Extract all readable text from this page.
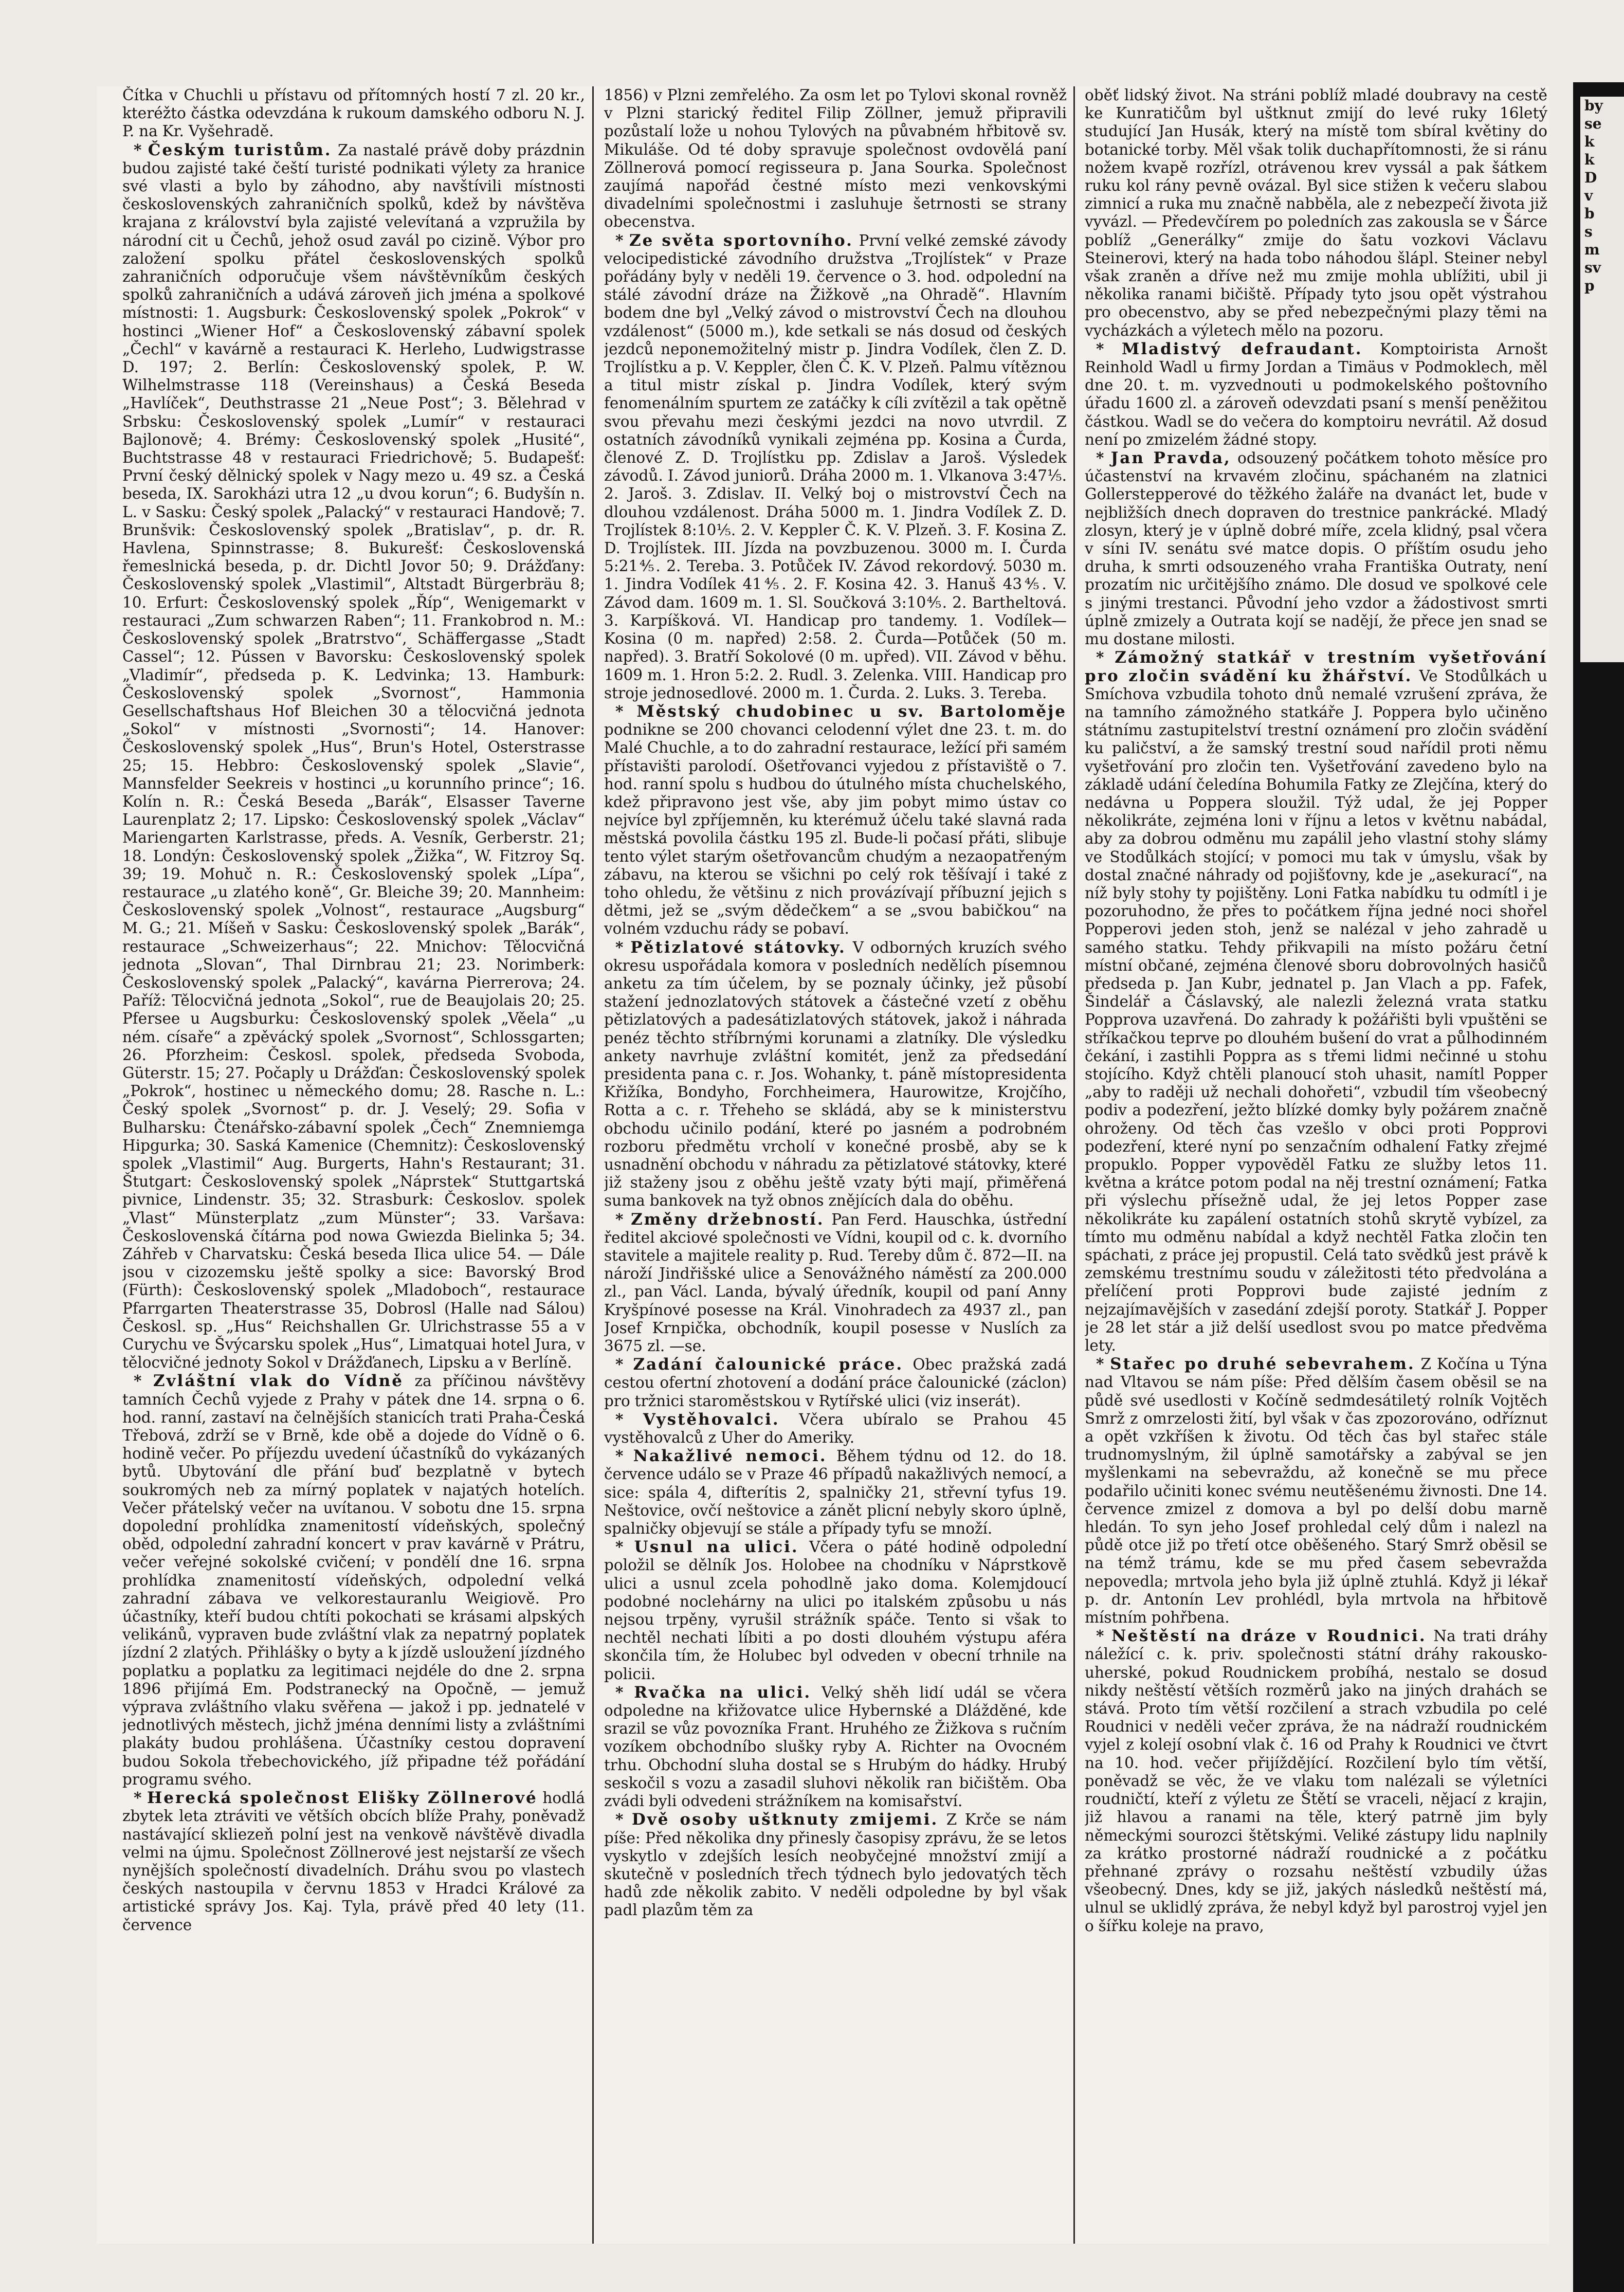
by
se
k
k
D
v
b
s
m
sv
p

Čítka v Chuchli u přístavu od přítomných hostí 7 zl. 20 kr., kteréžto částka odevzdána k rukoum damského odboru N. J. P. na Kr. Vyšehradě.

* Českým turistům. Za nastalé právě doby prázdnin budou zajisté také čeští turisté podnikati výlety za hranice své vlasti a bylo by záhodno, aby navštívili místnosti československých zahraničních spolků, kdež by návštěva krajana z království byla zajisté velevítaná a vzpružila by národní cit u Čechů, jehož osud zavál po cizině. Výbor pro založení spolku přátel československých spolků zahraničních odporučuje všem návštěvníkům českých spolků zahraničních a udává zároveň jich jména a spolkové místnosti: 1. Augsburk: Československý spolek „Pokrok“ v hostinci „Wiener Hof“ a Československý zábavní spolek „Čechl“ v kavárně a restauraci K. Herleho, Ludwigstrasse D. 197; 2. Berlín: Československý spolek, P. W. Wilhelmstrasse 118 (Vereinshaus) a Česká Beseda „Havlíček“, Deuthstrasse 21 „Neue Post“; 3. Bělehrad v Srbsku: Československý spolek „Lumír“ v restauraci Bajlonově; 4. Brémy: Československý spolek „Husité“, Buchtstrasse 48 v restauraci Friedrichově; 5. Budapešť: První český dělnický spolek v Nagy mezo u. 49 sz. a Česká beseda, IX. Sarokházi utra 12 „u dvou korun“; 6. Budyšín n. L. v Sasku: Český spolek „Palacký“ v restauraci Handově; 7. Brunšvik: Československý spolek „Bratislav“, p. dr. R. Havlena, Spinnstrasse; 8. Bukurešť: Československá řemeslnická beseda, p. dr. Dichtl Jovor 50; 9. Drážďany: Československý spolek „Vlastimil“, Altstadt Bürgerbräu 8; 10. Erfurt: Československý spolek „Říp“, Wenigemarkt v restauraci „Zum schwarzen Raben“; 11. Frankobrod n. M.: Československý spolek „Bratrstvo“, Schäffergasse „Stadt Cassel“; 12. Pússen v Bavorsku: Československý spolek „Vladimír“, předseda p. K. Ledvinka; 13. Hamburk: Československý spolek „Svornost“, Hammonia Gesellschaftshaus Hof Bleichen 30 a tělocvičná jednota „Sokol“ v místnosti „Svornosti“; 14. Hanover: Československý spolek „Hus“, Brun's Hotel, Osterstrasse 25; 15. Hebbro: Československý spolek „Slavie“, Mannsfelder Seekreis v hostinci „u korunního prince“; 16. Kolín n. R.: Česká Beseda „Barák“, Elsasser Taverne Laurenplatz 2; 17. Lipsko: Československý spolek „Václav“ Mariengarten Karlstrasse, předs. A. Vesník, Gerberstr. 21; 18. Londýn: Československý spolek „Žižka“, W. Fitzroy Sq. 39; 19. Mohuč n. R.: Československý spolek „Lípa“, restaurace „u zlatého koně“, Gr. Bleiche 39; 20. Mannheim: Československý spolek „Volnost“, restaurace „Augsburg“ M. G.; 21. Míšeň v Sasku: Československý spolek „Barák“, restaurace „Schweizerhaus“; 22. Mnichov: Tělocvičná jednota „Slovan“, Thal Dirnbrau 21; 23. Norimberk: Československý spolek „Palacký“, kavárna Pierrerova; 24. Paříž: Tělocvičná jednota „Sokol“, rue de Beaujolais 20; 25. Pfersee u Augsburku: Československý spolek „Věela“ „u ném. císaře“ a zpěvácký spolek „Svornost“, Schlossgarten; 26. Pforzheim: Českosl. spolek, předseda Svoboda, Güterstr. 15; 27. Počaply u Drážďan: Československý spolek „Pokrok“, hostinec u německého domu; 28. Rasche n. L.: Český spolek „Svornost“ p. dr. J. Veselý; 29. Sofia v Bulharsku: Čtenářsko-zábavní spolek „Čech“ Znemniemga Hipgurka; 30. Saská Kamenice (Chemnitz): Československý spolek „Vlastimil“ Aug. Burgerts, Hahn's Restaurant; 31. Štutgart: Československý spolek „Náprstek“ Stuttgartská pivnice, Lindenstr. 35; 32. Strasburk: Českoslov. spolek „Vlast“ Münsterplatz „zum Münster“; 33. Varšava: Československá čítárna pod nowa Gwiezda Bielinka 5; 34. Záhřeb v Charvatsku: Česká beseda Ilica ulice 54. — Dále jsou v cizozemsku ještě spolky a sice: Bavorský Brod (Fürth): Československý spolek „Mladoboch“, restaurace Pfarrgarten Theaterstrasse 35, Dobrosl (Halle nad Sálou) Českosl. sp. „Hus“ Reichshallen Gr. Ulrichstrasse 55 a v Curychu ve Švýcarsku spolek „Hus“, Limatquai hotel Jura, v tělocvičné jednoty Sokol v Drážďanech, Lipsku a v Berlíně.

* Zvláštní vlak do Vídně za příčinou návštěvy tamních Čechů vyjede z Prahy v pátek dne 14. srpna o 6. hod. ranní, zastaví na čelnějších stanicích trati Praha-Česká Třebová, zdrží se v Brně, kde obě a dojede do Vídně o 6. hodině večer. Po příjezdu uvedení účastníků do vykázaných bytů. Ubytování dle přání buď bezplatně v bytech soukromých neb za mírný poplatek v najatých hotelích. Večer přátelský večer na uvítanou. V sobotu dne 15. srpna dopolední prohlídka znamenitostí vídeňských, společný oběd, odpolední zahradní koncert v prav kavárně v Prátru, večer veřejné sokolské cvičení; v pondělí dne 16. srpna prohlídka znamenitostí vídeňských, odpolední velká zahradní zábava ve velkorestauranlu Weigiově. Pro účastníky, kteří budou chtíti pokochati se krásami alpských velikánů, vypraven bude zvláštní vlak za nepatrný poplatek jízdní 2 zlatých. Přihlášky o byty a k jízdě usloužení jízdného poplatku a poplatku za legitimaci nejdéle do dne 2. srpna 1896 přijímá Em. Podstranecký na Opočně, — jemuž výprava zvláštního vlaku svěřena — jakož i pp. jednatelé v jednotlivých městech, jichž jména denními listy a zvláštními plakáty budou prohlášena. Účastníky cestou dopravení budou Sokola třebechovického, jíž připadne též pořádání programu svého.

* Herecká společnost Elišky Zöllnerové hodlá zbytek leta ztráviti ve větších obcích blíže Prahy, poněvadž nastávající skliezeň polní jest na venkově návštěvě divadla velmi na újmu. Společnost Zöllnerové jest nejstarší ze všech nynějších společností divadelních. Dráhu svou po vlastech českých nastoupila v červnu 1853 v Hradci Králové za artistické správy Jos. Kaj. Tyla, právě před 40 lety (11. července

1856) v Plzni zemřelého. Za osm let po Tylovi skonal rovněž v Plzni starický ředitel Filip Zöllner, jemuž připravili pozůstalí lože u nohou Tylových na půvabném hřbitově sv. Mikuláše. Od té doby spravuje společnost ovdovělá paní Zöllnerová pomocí regisseura p. Jana Sourka. Společnost zaujímá napořád čestné místo mezi venkovskými divadelními společnostmi i zasluhuje šetrnosti se strany obecenstva.

* Ze světa sportovního. První velké zemské závody velocipedistické závodního družstva „Trojlístek“ v Praze pořádány byly v neděli 19. července o 3. hod. odpolední na stálé závodní dráze na Žižkově „na Ohradě“. Hlavním bodem dne byl „Velký závod o mistrovství Čech na dlouhou vzdálenost“ (5000 m.), kde setkali se nás dosud od českých jezdců neponemožitelný mistr p. Jindra Vodílek, člen Z. D. Trojlístku a p. V. Keppler, člen Č. K. V. Plzeň. Palmu vítěznou a titul mistr získal p. Jindra Vodílek, který svým fenomenálním spurtem ze zatáčky k cíli zvítězil a tak opětně svou převahu mezi českými jezdci na novo utvrdil. Z ostatních závodníků vynikali zejména pp. Kosina a Čurda, členové Z. D. Trojlístku pp. Zdislav a Jaroš. Výsledek závodů. I. Závod juniorů. Dráha 2000 m. 1. Vlkanova 3:47⅕. 2. Jaroš. 3. Zdislav. II. Velký boj o mistrovství Čech na dlouhou vzdálenost. Dráha 5000 m. 1. Jindra Vodílek Z. D. Trojlístek 8:10⅕. 2. V. Keppler Č. K. V. Plzeň. 3. F. Kosina Z. D. Trojlístek. III. Jízda na povzbuzenou. 3000 m. I. Čurda 5:21⅘. 2. Tereba. 3. Potůček IV. Závod rekordový. 5030 m. 1. Jindra Vodílek 41⅘. 2. F. Kosina 42. 3. Hanuš 43⅘. V. Závod dam. 1609 m. 1. Sl. Součková 3:10⅘. 2. Bartheltová. 3. Karpíšková. VI. Handicap pro tandemy. 1. Vodílek—Kosina (0 m. napřed) 2:58. 2. Čurda—Potůček (50 m. napřed). 3. Bratří Sokolové (0 m. upřed). VII. Závod v běhu. 1609 m. 1. Hron 5:2. 2. Rudl. 3. Zelenka. VIII. Handicap pro stroje jednosedlové. 2000 m. 1. Čurda. 2. Luks. 3. Tereba.

* Městský chudobinec u sv. Bartoloměje podnikne se 200 chovanci celodenní výlet dne 23. t. m. do Malé Chuchle, a to do zahradní restaurace, ležící při samém přístavišti parolodí. Ošetřovanci vyjedou z přístaviště o 7. hod. ranní spolu s hudbou do útulného místa chuchelského, kdež připravono jest vše, aby jim pobyt mimo ústav co nejvíce byl zpříjemněn, ku kterémuž účelu také slavná rada městská povolila částku 195 zl. Bude-li počasí přáti, slibuje tento výlet starým ošetřovancům chudým a nezaopatřeným zábavu, na kterou se všichni po celý rok těšívají i také z toho ohledu, že většinu z nich provázívají příbuzní jejich s dětmi, jež se „svým dědečkem“ a se „svou babičkou“ na volném vzduchu rády se pobaví.

* Pětizlatové státovky. V odborných kruzích svého okresu uspořádala komora v posledních nedělích písemnou anketu za tím účelem, by se poznaly účinky, jež působí stažení jednozlatových státovek a částečné vzetí z oběhu pětizlatových a padesátizlatových státovek, jakož i náhrada penéz těchto stříbrnými korunami a zlatníky. Dle výsledku ankety navrhuje zvláštní komitét, jenž za předsedání presidenta pana c. r. Jos. Wohanky, t. páně místopresidenta Křižíka, Bondyho, Forchheimera, Haurowitze, Krojčího, Rotta a c. r. Třeheho se skládá, aby se k ministerstvu obchodu učinilo podání, které po jasném a podrobném rozboru předmětu vrcholí v konečné prosbě, aby se k usnadnění obchodu v náhradu za pětizlatové státovky, které již staženy jsou z oběhu ještě vzaty býti mají, přiměřená suma bankovek na tyž obnos znějících dala do oběhu.

* Změny držebností. Pan Ferd. Hauschka, ústřední ředitel akciové společnosti ve Vídni, koupil od c. k. dvorního stavitele a majitele reality p. Rud. Tereby dům č. 872—II. na nároží Jindřišské ulice a Senovážného náměstí za 200.000 zl., pan Václ. Landa, bývalý úředník, koupil od paní Anny Kryšpínové posesse na Král. Vinohradech za 4937 zl., pan Josef Krnpička, obchodník, koupil posesse v Nuslích za 3675 zl. —se.

* Zadání čalounické práce. Obec pražská zadá cestou ofertní zhotovení a dodání práce čalounické (záclon) pro tržnici staroměstskou v Rytířské ulici (viz inserát).

* Vystěhovalci. Včera ubíralo se Prahou 45 vystěhovalců z Uher do Ameriky.

* Nakažlivé nemoci. Během týdnu od 12. do 18. července událo se v Praze 46 případů nakažlivých nemocí, a sice: spála 4, difterítis 2, spalničky 21, střevní tyfus 19. Neštovice, ovčí neštovice a zánět plicní nebyly skoro úplně, spalničky objevují se stále a případy tyfu se množí.

* Usnul na ulici. Včera o páté hodině odpolední položil se dělník Jos. Holobee na chodníku v Náprstkově ulici a usnul zcela pohodlně jako doma. Kolemjdoucí podobné noclehárny na ulici po italském způsobu u nás nejsou trpěny, vyrušil strážník spáče. Tento si však to nechtěl nechati líbiti a po dosti dlouhém výstupu aféra skončila tím, že Holubec byl odveden v obecní trhnile na policii.

* Rvačka na ulici. Velký shěh lidí udál se včera odpoledne na křižovatce ulice Hybernské a Dlážděné, kde srazil se vůz povozníka Frant. Hruhého ze Žižkova s ručním vozíkem obchodníbo slušky ryby A. Richter na Ovocném trhu. Obchodní sluha dostal se s Hrubým do hádky. Hrubý seskočil s vozu a zasadil sluhovi několik ran bičištěm. Oba zvádi byli odvedeni strážníkem na komisařství.

* Dvě osoby uštknuty zmijemi. Z Krče se nám píše: Před několika dny přinesly časopisy zprávu, že se letos vyskytlo v zdejších lesích neobyčejné množství zmijí a skutečně v posledních třech týdnech bylo jedovatých těch hadů zde několik zabito. V neděli odpoledne by byl však padl plazům těm za

oběť lidský život. Na stráni poblíž mladé doubravy na cestě ke Kunratičům byl uštknut zmijí do levé ruky 16letý studující Jan Husák, který na místě tom sbíral květiny do botanické torby. Měl však tolik duchapřítomnosti, že si ránu nožem kvapě rozřízl, otrávenou krev vyssál a pak šátkem ruku kol rány pevně ovázal. Byl sice stižen k večeru slabou zimnicí a ruka mu značně nabběla, ale z nebezpečí života již vyvázl. — Předevčírem po poledních zas zakousla se v Šárce poblíž „Generálky“ zmije do šatu vozkovi Václavu Steinerovi, který na hada tobo náhodou šlápl. Steiner nebyl však zraněn a dříve než mu zmije mohla ublížiti, ubil ji několika ranami bičiště. Případy tyto jsou opět výstrahou pro obecenstvo, aby se před nebezpečnými plazy těmi na vycházkách a výletech mělo na pozoru.

* Mladistvý defraudant. Komptoirista Arnošt Reinhold Wadl u firmy Jordan a Timäus v Podmoklech, měl dne 20. t. m. vyzvednouti u podmokelského poštovního úřadu 1600 zl. a zároveň odevzdati psaní s menší peněžitou částkou. Wadl se do večera do komptoiru nevrátil. Až dosud není po zmizelém žádné stopy.

* Jan Pravda, odsouzený počátkem tohoto měsíce pro účastenství na krvavém zločinu, spáchaném na zlatnici Gollerstepperové do těžkého žaláře na dvanáct let, bude v nejbližších dnech dopraven do trestnice pankrácké. Mladý zlosyn, který je v úplně dobré míře, zcela klidný, psal včera v síni IV. senátu své matce dopis. O příštím osudu jeho druha, k smrti odsouzeného vraha Františka Outraty, není prozatím nic určitějšího známo. Dle dosud ve spolkové cele s jinými trestanci. Původní jeho vzdor a žádostivost smrti úplně zmizely a Outrata kojí se nadějí, že přece jen snad se mu dostane milosti.

* Zámožný statkář v trestním vyšetřování pro zločin svádění ku žhářství. Ve Stodůlkách u Smíchova vzbudila tohoto dnů nemalé vzrušení zpráva, že na tamního zámožného statkáře J. Poppera bylo učiněno státnímu zastupitelství trestní oznámení pro zločin svádění ku paličství, a že samský trestní soud nařídil proti němu vyšetřování pro zločin ten. Vyšetřování zavedeno bylo na základě udání čeledína Bohumila Fatky ze Zlejčína, který do nedávna u Poppera sloužil. Týž udal, že jej Popper několikráte, zejména loni v říjnu a letos v květnu nabádal, aby za dobrou odměnu mu zapálil jeho vlastní stohy slámy ve Stodůlkách stojící; v pomoci mu tak v úmyslu, však by dostal značné náhrady od pojišťovny, kde je „asekurací“, na níž byly stohy ty pojištěny. Loni Fatka nabídku tu odmítl i je pozoruhodno, že přes to počátkem října jedné noci shořel Popperovi jeden stoh, jenž se nalézal v jeho zahradě u samého statku. Tehdy přikvapili na místo požáru četní místní občané, zejména členové sboru dobrovolných hasičů předseda p. Jan Kubr, jednatel p. Jan Vlach a pp. Fafek, Šindelář a Čáslavský, ale nalezli železná vrata statku Popprova uzavřená. Do zahrady k požářišti byli vpuštěni se stříkačkou teprve po dlouhém bušení do vrat a půlhodinném čekání, i zastihli Poppra as s třemi lidmi nečinné u stohu stojícího. Když chtěli planoucí stoh uhasit, namítl Popper „aby to raději už nechali dohořeti“, vzbudil tím všeobecný podiv a podezření, ježto blízké domky byly požárem značně ohroženy. Od těch čas vzešlo v obci proti Popprovi podezření, které nyní po senzačním odhalení Fatky zřejmé propuklo. Popper vypověděl Fatku ze služby letos 11. května a krátce potom podal na něj trestní oznámení; Fatka při výslechu přísežně udal, že jej letos Popper zase několikráte ku zapálení ostatních stohů skrytě vybízel, za tímto mu odměnu nabídal a když nechtěl Fatka zločin ten spáchati, z práce jej propustil. Celá tato svědků jest právě k zemskému trestnímu soudu v záležitosti této předvolána a přelíčení proti Popprovi bude zajisté jedním z nejzajímavějších v zasedání zdejší poroty. Statkář J. Popper je 28 let stár a již delší usedlost svou po matce předvěma lety.

* Stařec po druhé sebevrahem. Z Kočína u Týna nad Vltavou se nám píše: Před dělším časem oběsil se na půdě své usedlosti v Kočíně sedmdesátiletý rolník Vojtěch Smrž z omrzelosti žití, byl však v čas zpozorováno, odříznut a opět vzkříšen k životu. Od těch čas byl stařec stále trudnomyslným, žil úplně samotářsky a zabýval se jen myšlenkami na sebevraždu, až konečně se mu přece podařilo učiniti konec svému neutěšenému živnosti. Dne 14. července zmizel z domova a byl po delší dobu marně hledán. To syn jeho Josef prohledal celý dům i nalezl na půdě otce již po třetí otce oběšeného. Starý Smrž oběsil se na témž trámu, kde se mu před časem sebevražda nepovedla; mrtvola jeho byla již úplně ztuhlá. Když ji lékař p. dr. Antonín Lev prohlédl, byla mrtvola na hřbitově místním pohřbena.

* Neštěstí na dráze v Roudnici. Na trati dráhy náležící c. k. priv. společnosti státní dráhy rakousko-uherské, pokud Roudnickem probíhá, nestalo se dosud nikdy neštěstí větších rozměrů jako na jiných drahách se stává. Proto tím větší rozčilení a strach vzbudila po celé Roudnici v neděli večer zpráva, že na nádraží roudnickém vyjel z kolejí osobní vlak č. 16 od Prahy k Roudnici ve čtvrt na 10. hod. večer přijíždějící. Rozčilení bylo tím větší, poněvadž se věc, že ve vlaku tom nalézali se výletníci roudničtí, kteří z výletu ze Štětí se vraceli, nějací z krajin, již hlavou a ranami na těle, který patrně jim byly německými sourozci štětskými. Veliké zástupy lidu naplnily za krátko prostorné nádraží roudnické a z počátku přehnané zprávy o rozsahu neštěstí vzbudily úžas všeobecný. Dnes, kdy se již, jakých následků neštěstí má, ulnul se uklidlý zpráva, že nebyl když byl parostroj vyjel jen o šířku koleje na pravo,
